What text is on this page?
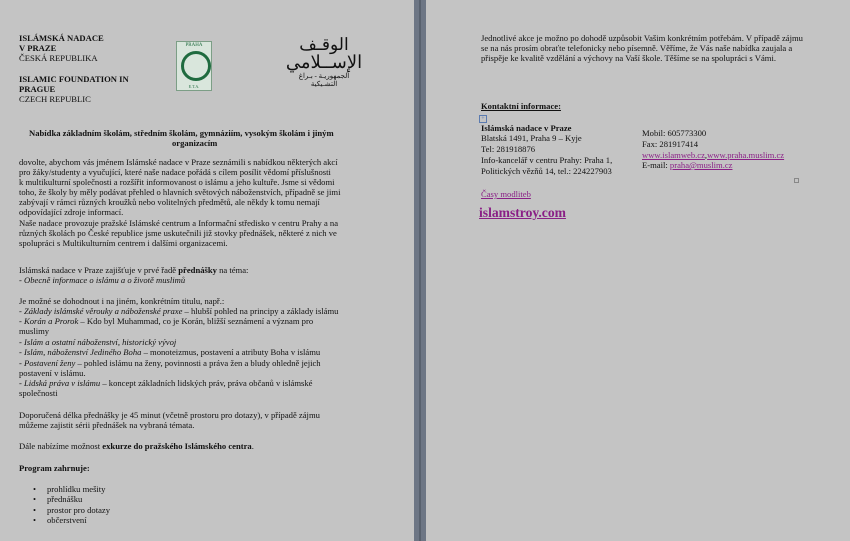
ISLÁMSKÁ NADACE
V PRAZE
ČESKÁ REPUBLIKA
ISLAMIC FOUNDATION IN
PRAGUE
CZECH REPUBLIC
PRAHA
E.T.A.
الوقـف
الإســلامي
الجمهوريـة - بـراغ
التشـيكية
Nabídka základním školám, středním školám, gymnáziím, vysokým školám i jiným
organizacím
dovolte, abychom vás jménem Islámské nadace v Praze seznámili s nabídkou některých akcí
pro žáky/studenty a vyučující, které naše nadace pořádá s cílem posílit vědomí příslušnosti
k multikulturní společnosti a rozšířit informovanost o islámu a jeho kultuře. Jsme si vědomi
toho, že školy by měly podávat přehled o hlavních světových náboženstvích, případně se jimi
zabývají v rámci různých kroužků nebo volitelných předmětů, ale někdy k tomu nemají
odpovídající zdroje informací.
Naše nadace provozuje pražské Islámské centrum a Informační středisko v centru Prahy a na
různých školách po České republice jsme uskutečnili již stovky přednášek, některé z nich ve
spolupráci s Multikulturním centrem i dalšími organizacemi.
Islámská nadace v Praze zajišťuje v prvé řadě přednášky na téma:
- Obecně informace o islámu a o životě muslimů
Je možné se dohodnout i na jiném, konkrétním titulu, např.:
- Základy islámské věrouky a náboženské praxe – hlubší pohled na principy a základy islámu
- Korán a Prorok – Kdo byl Muhammad, co je Korán, bližší seznámení a význam pro
muslimy
- Islám a ostatní náboženství, historický vývoj
- Islám, náboženství Jediného Boha – monoteizmus, postavení a atributy Boha v islámu
- Postavení ženy – pohled islámu na ženy, povinnosti a práva žen a bludy ohledně jejich
postavení v islámu.
- Lidská práva v islámu – koncept základních lidských práv, práva občanů v islámské
společnosti
Doporučená délka přednášky je 45 minut (včetně prostoru pro dotazy), v případě zájmu
můžeme zajistit sérii přednášek na vybraná témata.
Dále nabízíme možnost exkurze do pražského Islámského centra.
Program zahrnuje:
• prohlídku mešity
• přednášku
• prostor pro dotazy
• občerstvení
Jednotlivé akce je možno po dohodě uzpůsobit Vašim konkrétním potřebám. V případě zájmu
se na nás prosím obraťte telefonicky nebo písemně. Věříme, že Vás naše nabídka zaujala a
přispěje ke kvalitě vzdělání a výchovy na Vaší škole. Těšíme se na spolupráci s Vámi.
Kontaktní informace:
+
Islámská nadace v Praze
Blatská 1491, Praha 9 – Kyje
Tel: 281918876
Info-kancelář v centru Prahy: Praha 1,
Politických vězňů 14, tel.: 224227903
Mobil: 605773300
Fax: 281917414
www.islamweb.cz,www.praha.muslim.cz
E-mail: praha@muslim.cz
Časy modliteb
islamstroy.com
